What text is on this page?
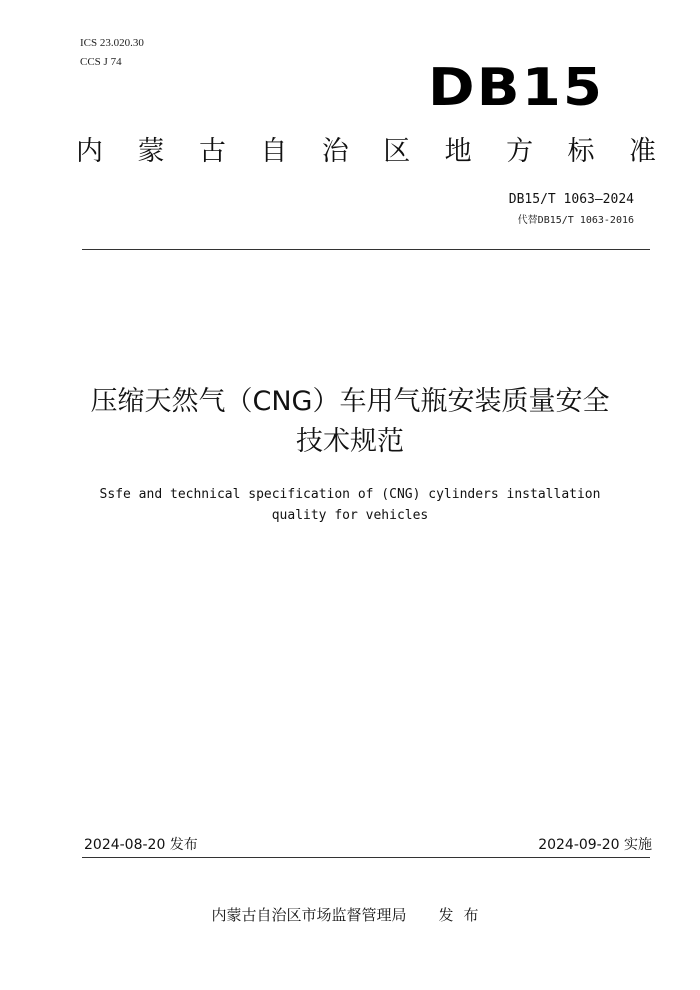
ICS 23.020.30
CCS J 74	DB15
内 蒙 古 自 治 区 地 方 标 准
DB15/T 1063—2024
代替DB15/T 1063-2016
压缩天然气（CNG）车用气瓶安装质量安全
技术规范
Ssfe and technical specification of (CNG) cylinders installation
quality for vehicles
2024-08-20 发布	2024-09-20 实施
内蒙古自治区市场监督管理局 发布
